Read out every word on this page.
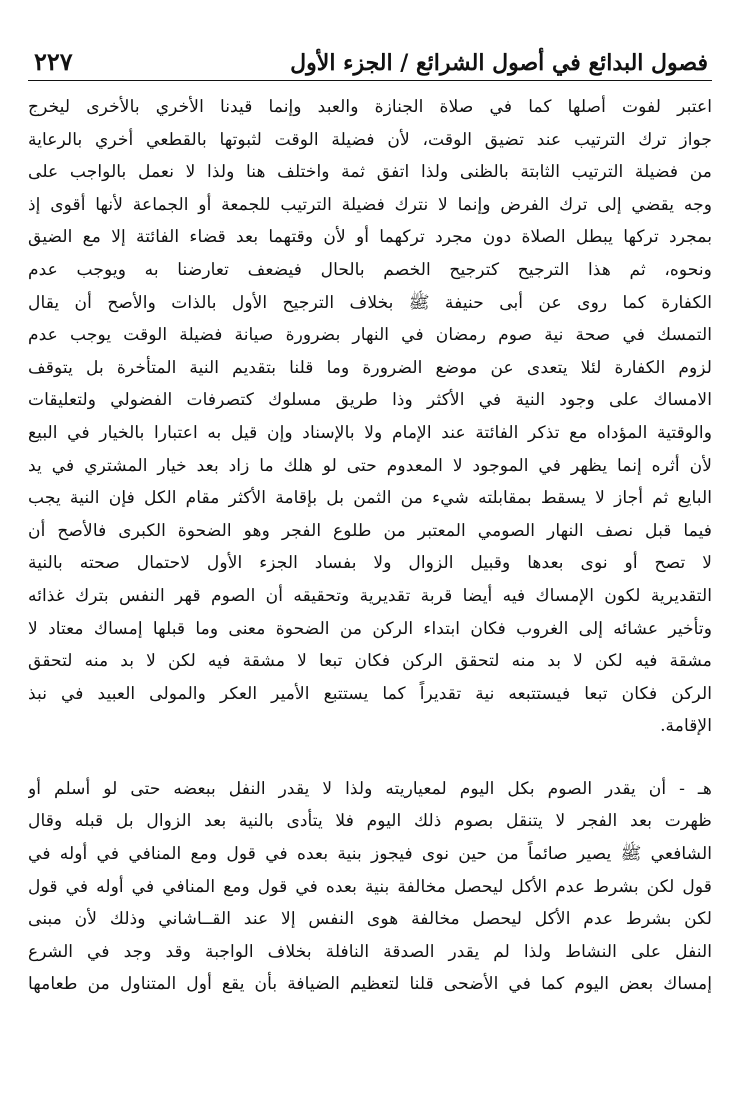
فصول البدائع في أصول الشرائع / الجزء الأول
٢٢٧
اعتبر لفوت أصلها كما في صلاة الجنازة والعبد وإنما قيدنا الأخري بالأخرى ليخرج
جواز ترك الترتيب عند تضيق الوقت، لأن فضيلة الوقت لثبوتها بالقطعي أخري بالرعاية
من فضيلة الترتيب الثابتة بالظنى ولذا اتفق ثمة واختلف هنا ولذا لا نعمل بالواجب على
وجه يقضي إلى ترك الفرض وإنما لا نترك فضيلة الترتيب للجمعة أو الجماعة لأنها أقوى إذ
بمجرد تركها يبطل الصلاة دون مجرد تركهما أو لأن وقتهما بعد قضاء الفائتة إلا مع الضيق
ونحوه، ثم هذا الترجيح كترجيح الخصم بالحال فيضعف تعارضنا به ويوجب عدم
الكفارة كما روى عن أبى حنيفة ﷺ بخلاف الترجيح الأول بالذات والأصح أن يقال
التمسك في صحة نية صوم رمضان في النهار بضرورة صيانة فضيلة الوقت يوجب عدم
لزوم الكفارة لئلا يتعدى عن موضع الضرورة وما قلنا بتقديم النية المتأخرة بل يتوقف
الامساك على وجود النية في الأكثر وذا طريق مسلوك كتصرفات الفضولي ولتعليقات
والوقتية المؤداه مع تذكر الفائتة عند الإمام ولا بالإسناد وإن قيل به اعتبارا بالخيار في البيع
لأن أثره إنما يظهر في الموجود لا المعدوم حتى لو هلك ما زاد بعد خيار المشتري في يد
البايع ثم أجاز لا يسقط بمقابلته شيء من الثمن بل بإقامة الأكثر مقام الكل فإن النية يجب
فيما قبل نصف النهار الصومي المعتبر من طلوع الفجر وهو الضحوة الكبرى فالأصح أن
لا تصح أو نوى بعدها وقبيل الزوال ولا بفساد الجزء الأول لاحتمال صحته بالنية
التقديرية لكون الإمساك فيه أيضا قربة تقديرية وتحقيقه أن الصوم قهر النفس بترك غذائه
وتأخير عشائه إلى الغروب فكان ابتداء الركن من الضحوة معنى وما قبلها إمساك معتاد لا
مشقة فيه لكن لا بد منه لتحقق الركن فكان تبعا لا مشقة فيه لكن لا بد منه لتحقق
الركن فكان تبعا فيستتبعه نية تقديراً كما يستتبع الأمير العكر والمولى العبيد في نبذ
الإقامة.
هـ - أن يقدر الصوم بكل اليوم لمعياريته ولذا لا يقدر النفل ببعضه حتى لو أسلم أو
ظهرت بعد الفجر لا يتنقل بصوم ذلك اليوم فلا يتأدى بالنية بعد الزوال بل قبله وقال
الشافعي ﷺ يصير صائماً من حين نوى فيجوز بنية بعده في قول ومع المنافي في أوله في
قول لكن بشرط عدم الأكل ليحصل مخالفة بنية بعده في قول ومع المنافي في أوله في قول
لكن بشرط عدم الأكل ليحصل مخالفة هوى النفس إلا عند القــاشاني وذلك لأن مبنى
النفل على النشاط ولذا لم يقدر الصدقة النافلة بخلاف الواجبة وقد وجد في الشرع
إمساك بعض اليوم كما في الأضحى قلنا لتعظيم الضيافة بأن يقع أول المتناول من طعامها
